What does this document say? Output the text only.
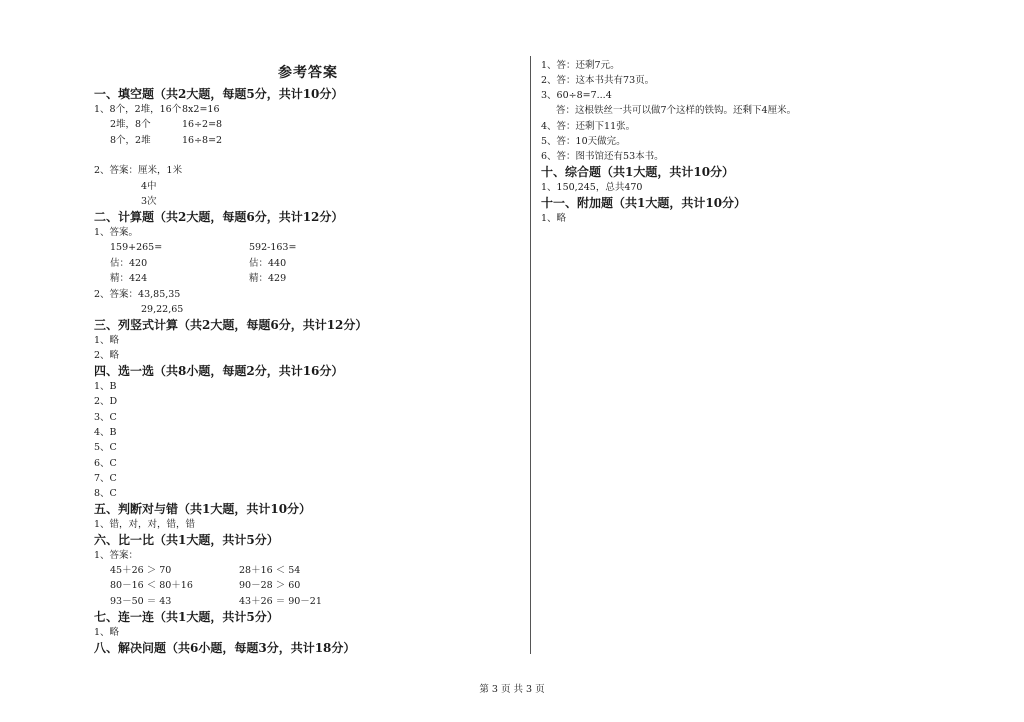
参考答案
一、填空题（共2大题，每题5分，共计10分）
1、8个，2堆，16个 8x2=16
2堆，8个	16÷2=8
8个，2堆	16÷8=2
2、答案：厘米，1米
4中
3次
二、计算题（共2大题，每题6分，共计12分）
1、答案。
159+265=	592-163=
估：420	估：440
精：424	精：429
2、答案：43,85,35
29,22,65
三、列竖式计算（共2大题，每题6分，共计12分）
1、略
2、略
四、选一选（共8小题，每题2分，共计16分）
1、B
2、D
3、C
4、B
5、C
6、C
7、C
8、C
五、判断对与错（共1大题，共计10分）
1、错，对，对，错，错
六、比一比（共1大题，共计5分）
1、答案：
45＋26 ＞ 70	28＋16 ＜ 54
80－16 ＜ 80＋16	90－28 ＞ 60
93－50 ＝ 43	43＋26 ＝ 90－21
七、连一连（共1大题，共计5分）
1、略
八、解决问题（共6小题，每题3分，共计18分）
1、答：还剩7元。
2、答：这本书共有73页。
3、60÷8=7...4
答：这根铁丝一共可以做7个这样的铁钩。还剩下4厘米。
4、答：还剩下11张。
5、答：10天做完。
6、答：图书馆还有53本书。
十、综合题（共1大题，共计10分）
1、150,245，总共470
十一、附加题（共1大题，共计10分）
1、略
第 3 页 共 3 页
